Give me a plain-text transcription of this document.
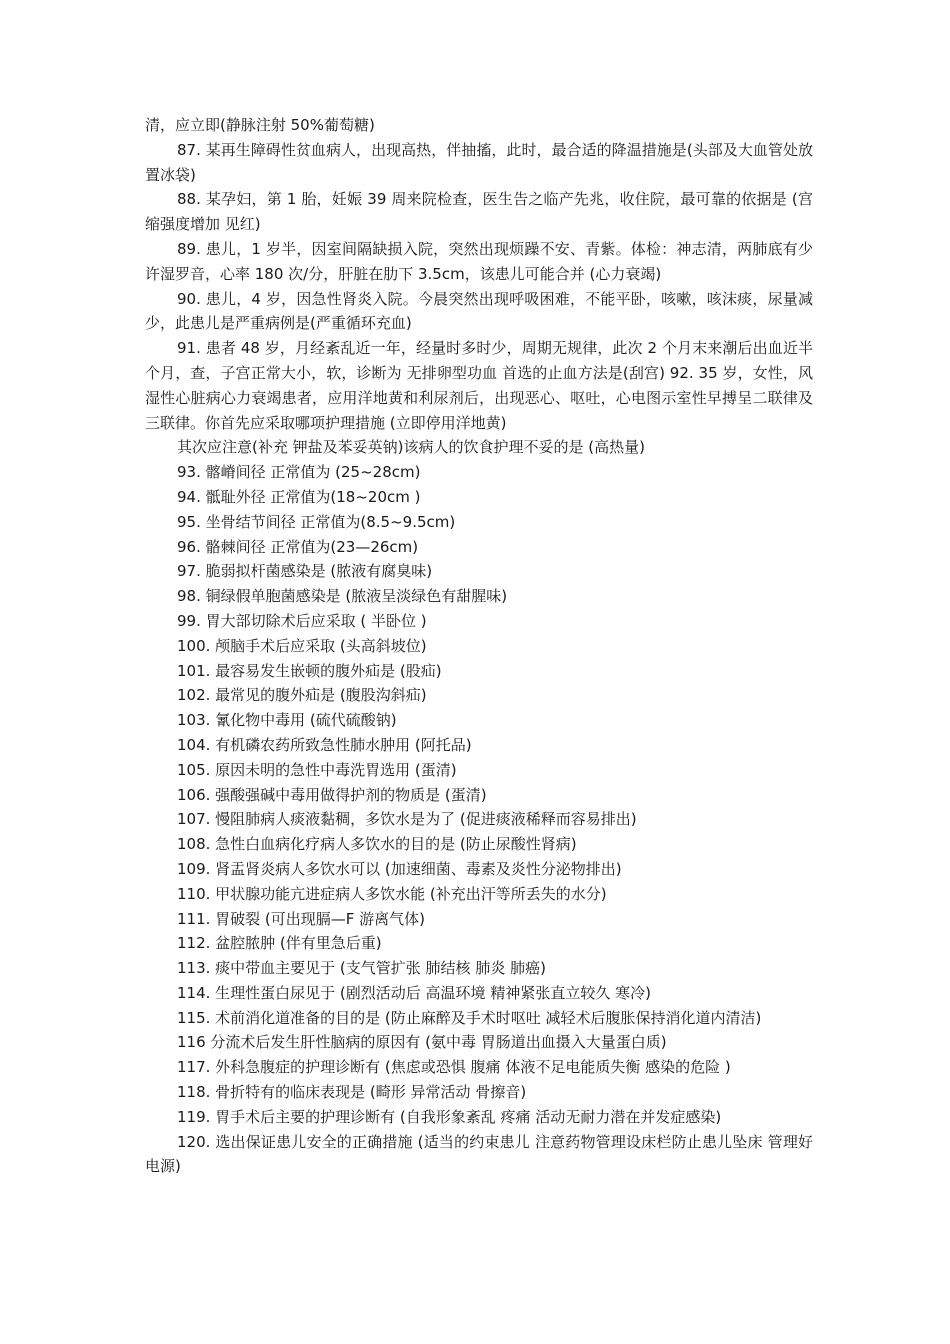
清，应立即(静脉注射 50%葡萄糖)

87. 某再生障碍性贫血病人，出现高热，伴抽搐，此时，最合适的降温措施是(头部及大血管处放置冰袋)

88. 某孕妇，第 1 胎，妊娠 39 周来院检查，医生告之临产先兆，收住院，最可靠的依据是 (宫缩强度增加 见红)

89. 患儿，1 岁半，因室间隔缺损入院，突然出现烦躁不安、青紫。体检：神志清，两肺底有少许湿罗音，心率 180 次/分，肝脏在肋下 3.5cm，该患儿可能合并 (心力衰竭)

90. 患儿，4 岁，因急性肾炎入院。今晨突然出现呼吸困难，不能平卧，咳嗽，咳沫痰，尿量减少，此患儿是严重病例是(严重循环充血)

91. 患者 48 岁，月经紊乱近一年，经量时多时少，周期无规律，此次 2 个月末来潮后出血近半个月，查，子宫正常大小，软，诊断为 无排卵型功血 首选的止血方法是(刮宫) 92. 35 岁，女性，风湿性心脏病心力衰竭患者，应用洋地黄和利尿剂后，出现恶心、呕吐，心电图示室性早搏呈二联律及三联律。你首先应采取哪项护理措施 (立即停用洋地黄)

其次应注意(补充 钾盐及苯妥英钠)该病人的饮食护理不妥的是 (高热量)

93. 髂嵴间径 正常值为 (25~28cm)

94. 骶耻外径 正常值为(18~20cm )

95. 坐骨结节间径 正常值为(8.5~9.5cm)

96. 骼棘间径 正常值为(23—26cm)

97. 脆弱拟杆菌感染是 (脓液有腐臭味)

98. 铜绿假单胞菌感染是 (脓液呈淡绿色有甜腥味)

99. 胃大部切除术后应采取 ( 半卧位 )

100. 颅脑手术后应采取 (头高斜坡位)

101. 最容易发生嵌顿的腹外疝是 (股疝)

102. 最常见的腹外疝是 (腹股沟斜疝)

103. 氰化物中毒用 (硫代硫酸钠)

104. 有机磷农药所致急性肺水肿用 (阿托品)

105. 原因未明的急性中毒洗胃选用 (蛋清)

106. 强酸强碱中毒用做得护剂的物质是 (蛋清)

107. 慢阻肺病人痰液黏稠，多饮水是为了 (促进痰液稀释而容易排出)

108. 急性白血病化疗病人多饮水的目的是 (防止尿酸性肾病)

109. 肾盂肾炎病人多饮水可以 (加速细菌、毒素及炎性分泌物排出)

110. 甲状腺功能亢进症病人多饮水能 (补充出汗等所丢失的水分)

111. 胃破裂 (可出现膈—F 游离气体)

112. 盆腔脓肿 (伴有里急后重)

113. 痰中带血主要见于 (支气管扩张 肺结核 肺炎 肺癌)

114. 生理性蛋白尿见于 (剧烈活动后 高温环境 精神紧张直立较久 寒冷)

115. 术前消化道准备的目的是 (防止麻醉及手术时呕吐 减轻术后腹胀保持消化道内清洁)

116 分流术后发生肝性脑病的原因有 (氨中毒 胃肠道出血摄入大量蛋白质)

117. 外科急腹症的护理诊断有 (焦虑或恐惧 腹痛 体液不足电能质失衡 感染的危险 )

118. 骨折特有的临床表现是 (畸形 异常活动 骨擦音)

119. 胃手术后主要的护理诊断有 (自我形象紊乱 疼痛 活动无耐力潜在并发症感染)

120. 选出保证患儿安全的正确措施 (适当的约束患儿 注意药物管理设床栏防止患儿坠床 管理好电源)
